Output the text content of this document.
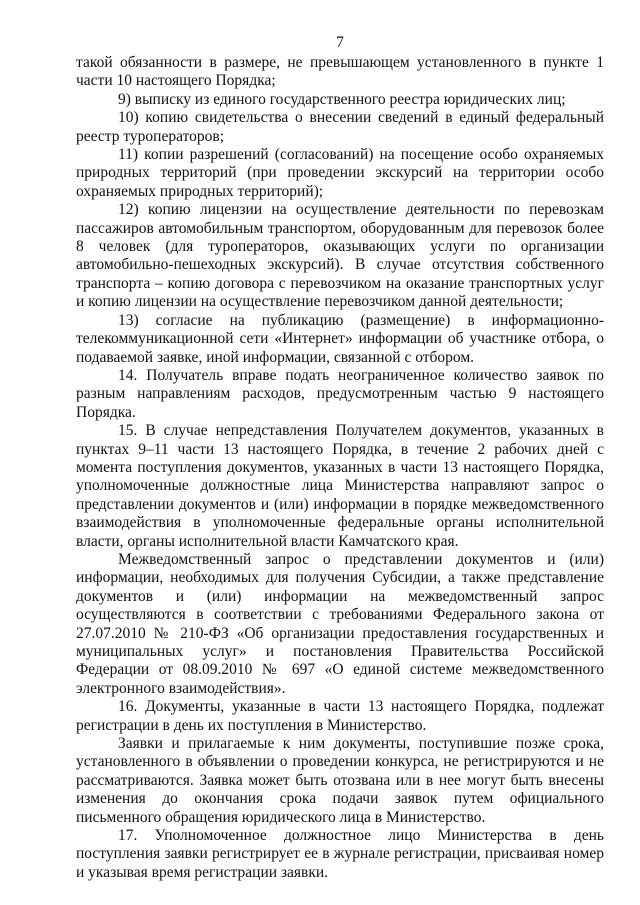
7

такой обязанности в размере, не превышающем установленного в пункте 1 части 10 настоящего Порядка;

9) выписку из единого государственного реестра юридических лиц;

10) копию свидетельства о внесении сведений в единый федеральный реестр туроператоров;

11) копии разрешений (согласований) на посещение особо охраняемых природных территорий (при проведении экскурсий на территории особо охраняемых природных территорий);

12) копию лицензии на осуществление деятельности по перевозкам пассажиров автомобильным транспортом, оборудованным для перевозок более 8 человек (для туроператоров, оказывающих услуги по организации автомобильно-пешеходных экскурсий). В случае отсутствия собственного транспорта – копию договора с перевозчиком на оказание транспортных услуг и копию лицензии на осуществление перевозчиком данной деятельности;

13) согласие на публикацию (размещение) в информационно-телекоммуникационной сети «Интернет» информации об участнике отбора, о подаваемой заявке, иной информации, связанной с отбором.

14. Получатель вправе подать неограниченное количество заявок по разным направлениям расходов, предусмотренным частью 9 настоящего Порядка.

15. В случае непредставления Получателем документов, указанных в пунктах 9–11 части 13 настоящего Порядка, в течение 2 рабочих дней с момента поступления документов, указанных в части 13 настоящего Порядка, уполномоченные должностные лица Министерства направляют запрос о представлении документов и (или) информации в порядке межведомственного взаимодействия в уполномоченные федеральные органы исполнительной власти, органы исполнительной власти Камчатского края.

Межведомственный запрос о представлении документов и (или) информации, необходимых для получения Субсидии, а также представление документов и (или) информации на межведомственный запрос осуществляются в соответствии с требованиями Федерального закона от 27.07.2010 № 210-ФЗ «Об организации предоставления государственных и муниципальных услуг» и постановления Правительства Российской Федерации от 08.09.2010 № 697 «О единой системе межведомственного электронного взаимодействия».

16. Документы, указанные в части 13 настоящего Порядка, подлежат регистрации в день их поступления в Министерство.

Заявки и прилагаемые к ним документы, поступившие позже срока, установленного в объявлении о проведении конкурса, не регистрируются и не рассматриваются. Заявка может быть отозвана или в нее могут быть внесены изменения до окончания срока подачи заявок путем официального письменного обращения юридического лица в Министерство.

17. Уполномоченное должностное лицо Министерства в день поступления заявки регистрирует ее в журнале регистрации, присваивая номер и указывая время регистрации заявки.
